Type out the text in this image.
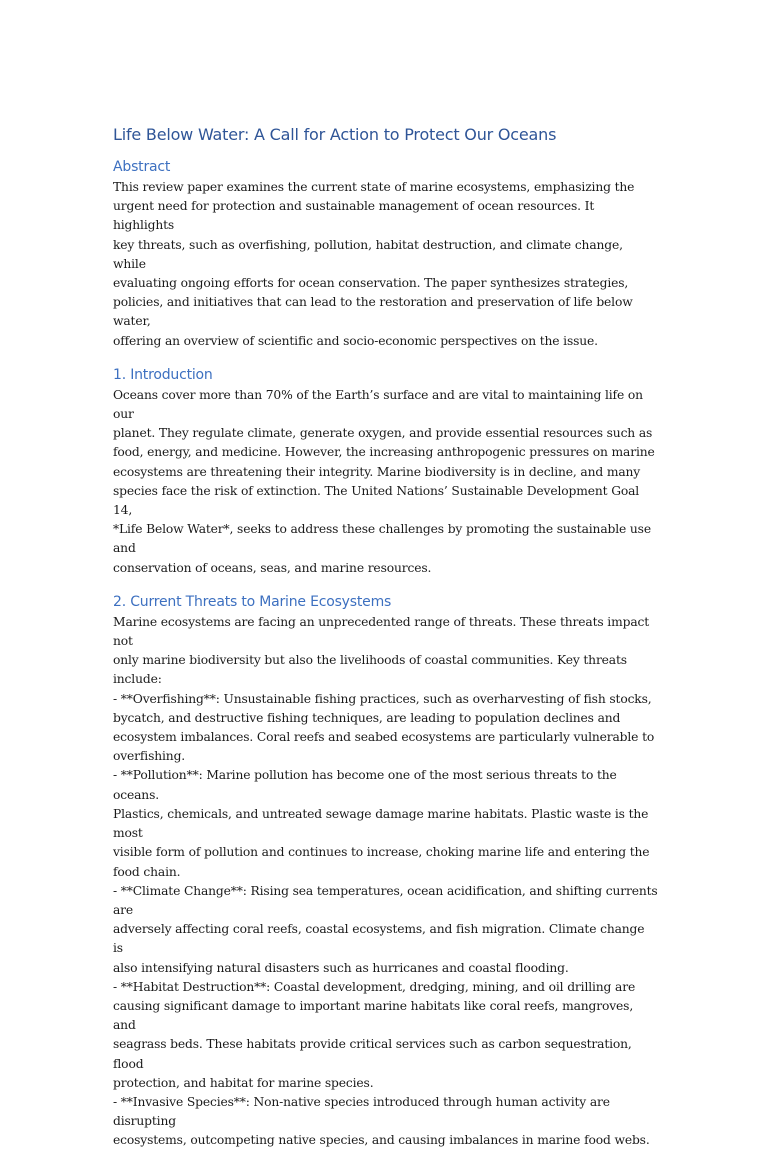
Life Below Water: A Call for Action to Protect Our Oceans
Abstract

This review paper examines the current state of marine ecosystems, emphasizing the
urgent need for protection and sustainable management of ocean resources. It highlights
key threats, such as overfishing, pollution, habitat destruction, and climate change, while
evaluating ongoing efforts for ocean conservation. The paper synthesizes strategies,
policies, and initiatives that can lead to the restoration and preservation of life below water,
offering an overview of scientific and socio-economic perspectives on the issue.

1. Introduction

Oceans cover more than 70% of the Earth’s surface and are vital to maintaining life on our
planet. They regulate climate, generate oxygen, and provide essential resources such as
food, energy, and medicine. However, the increasing anthropogenic pressures on marine
ecosystems are threatening their integrity. Marine biodiversity is in decline, and many
species face the risk of extinction. The United Nations’ Sustainable Development Goal 14,
*Life Below Water*, seeks to address these challenges by promoting the sustainable use and
conservation of oceans, seas, and marine resources.

2. Current Threats to Marine Ecosystems

Marine ecosystems are facing an unprecedented range of threats. These threats impact not
only marine biodiversity but also the livelihoods of coastal communities. Key threats
include:

- **Overfishing**: Unsustainable fishing practices, such as overharvesting of fish stocks,
bycatch, and destructive fishing techniques, are leading to population declines and
ecosystem imbalances. Coral reefs and seabed ecosystems are particularly vulnerable to
overfishing.

- **Pollution**: Marine pollution has become one of the most serious threats to the oceans.
Plastics, chemicals, and untreated sewage damage marine habitats. Plastic waste is the most
visible form of pollution and continues to increase, choking marine life and entering the
food chain.

- **Climate Change**: Rising sea temperatures, ocean acidification, and shifting currents are
adversely affecting coral reefs, coastal ecosystems, and fish migration. Climate change is
also intensifying natural disasters such as hurricanes and coastal flooding.

- **Habitat Destruction**: Coastal development, dredging, mining, and oil drilling are
causing significant damage to important marine habitats like coral reefs, mangroves, and
seagrass beds. These habitats provide critical services such as carbon sequestration, flood
protection, and habitat for marine species.

- **Invasive Species**: Non-native species introduced through human activity are disrupting
ecosystems, outcompeting native species, and causing imbalances in marine food webs.
